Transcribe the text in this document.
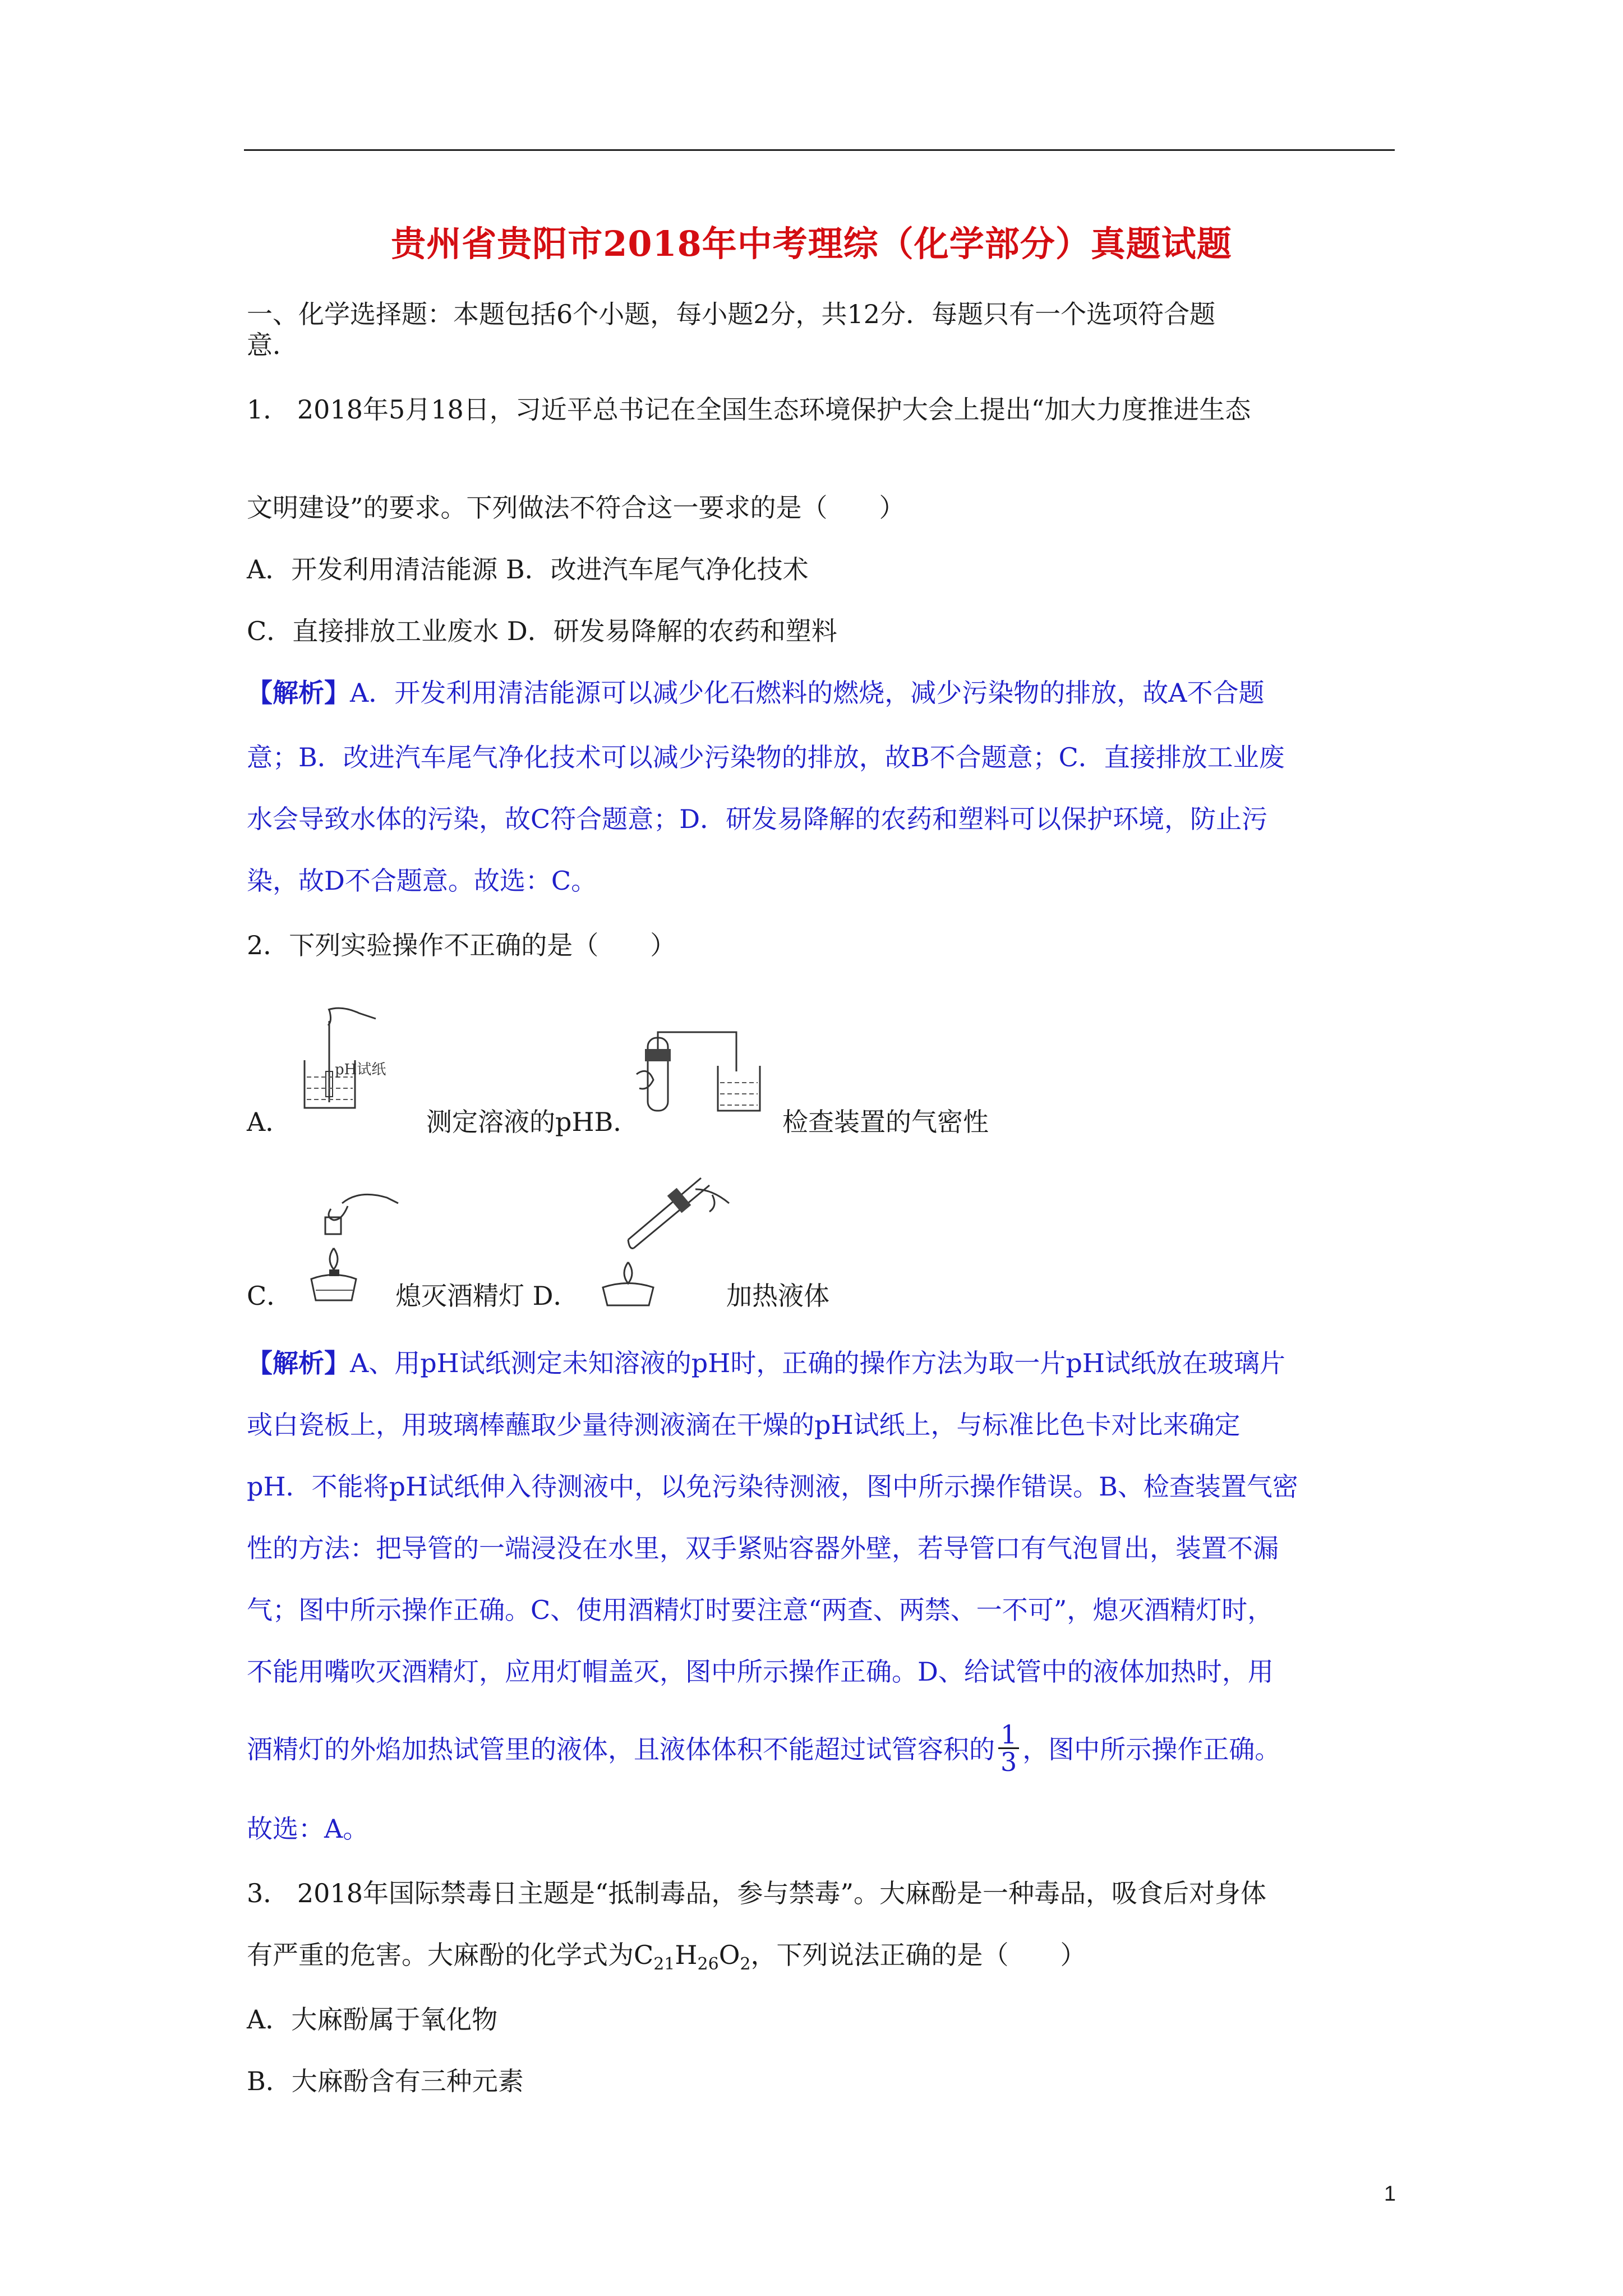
贵州省贵阳市2018年中考理综（化学部分）真题试题
一、化学选择题：本题包括6个小题，每小题2分，共12分．每题只有一个选项符合题
意．
1． 2018年5月18日，习近平总书记在全国生态环境保护大会上提出“加大力度推进生态
文明建设”的要求。下列做法不符合这一要求的是（　　）
A．开发利用清洁能源 B．改进汽车尾气净化技术
C．直接排放工业废水 D．研发易降解的农药和塑料
【解析】A．开发利用清洁能源可以减少化石燃料的燃烧，减少污染物的排放，故A不合题
意；B．改进汽车尾气净化技术可以减少污染物的排放，故B不合题意；C．直接排放工业废
水会导致水体的污染，故C符合题意；D．研发易降解的农药和塑料可以保护环境，防止污
染，故D不合题意。故选：C。
2．下列实验操作不正确的是（　　）
A．
pH试纸
测定溶液的pHB．	检查装置的气密性
C．	熄灭酒精灯 D．	加热液体
【解析】A、用pH试纸测定未知溶液的pH时，正确的操作方法为取一片pH试纸放在玻璃片
或白瓷板上，用玻璃棒蘸取少量待测液滴在干燥的pH试纸上，与标准比色卡对比来确定
pH．不能将pH试纸伸入待测液中，以免污染待测液，图中所示操作错误。B、检查装置气密
性的方法：把导管的一端浸没在水里，双手紧贴容器外壁，若导管口有气泡冒出，装置不漏
气；图中所示操作正确。C、使用酒精灯时要注意“两查、两禁、一不可”，熄灭酒精灯时，
不能用嘴吹灭酒精灯，应用灯帽盖灭，图中所示操作正确。D、给试管中的液体加热时，用
酒精灯的外焰加热试管里的液体，且液体体积不能超过试管容积的 $\frac{1}{3}$ ，图中所示操作正确。
故选：A。
3． 2018年国际禁毒日主题是“抵制毒品，参与禁毒”。大麻酚是一种毒品，吸食后对身体
有严重的危害。大麻酚的化学式为$C_{21}H_{26}O_2$，下列说法正确的是（　　）
A．大麻酚属于氧化物
B．大麻酚含有三种元素
1
